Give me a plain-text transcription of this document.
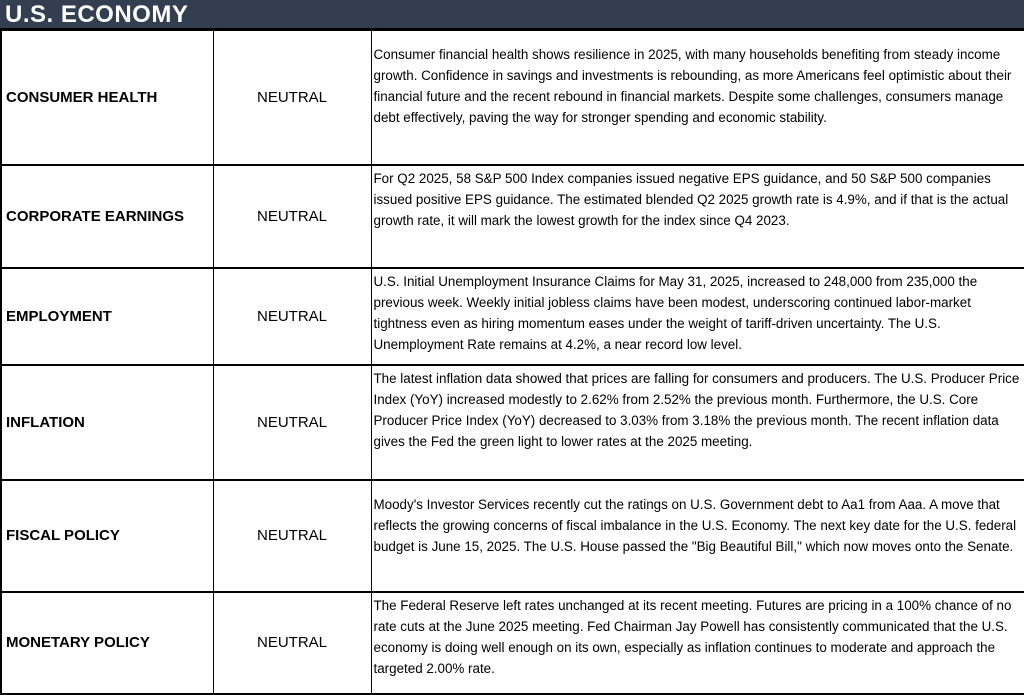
U.S. ECONOMY
CONSUMER HEALTH	NEUTRAL	Consumer financial health shows resilience in 2025, with many households benefiting from steady income growth. Confidence in savings and investments is rebounding, as more Americans feel optimistic about their financial future and the recent rebound in financial markets. Despite some challenges, consumers manage debt effectively, paving the way for stronger spending and economic stability.

CORPORATE EARNINGS	NEUTRAL	For Q2 2025, 58 S&P 500 Index companies issued negative EPS guidance, and 50 S&P 500 companies issued positive EPS guidance. The estimated blended Q2 2025 growth rate is 4.9%, and if that is the actual growth rate, it will mark the lowest growth for the index since Q4 2023.

EMPLOYMENT	NEUTRAL	U.S. Initial Unemployment Insurance Claims for May 31, 2025, increased to 248,000 from 235,000 the previous week. Weekly initial jobless claims have been modest, underscoring continued labor-market tightness even as hiring momentum eases under the weight of tariff-driven uncertainty. The U.S. Unemployment Rate remains at 4.2%, a near record low level.

INFLATION	NEUTRAL	The latest inflation data showed that prices are falling for consumers and producers. The U.S. Producer Price Index (YoY) increased modestly to 2.62% from 2.52% the previous month. Furthermore, the U.S. Core Producer Price Index (YoY) decreased to 3.03% from 3.18% the previous month. The recent inflation data gives the Fed the green light to lower rates at the 2025 meeting.

FISCAL POLICY	NEUTRAL	Moody's Investor Services recently cut the ratings on U.S. Government debt to Aa1 from Aaa. A move that reflects the growing concerns of fiscal imbalance in the U.S. Economy. The next key date for the U.S. federal budget is June 15, 2025. The U.S. House passed the "Big Beautiful Bill," which now moves onto the Senate.

MONETARY POLICY	NEUTRAL	The Federal Reserve left rates unchanged at its recent meeting. Futures are pricing in a 100% chance of no rate cuts at the June 2025 meeting. Fed Chairman Jay Powell has consistently communicated that the U.S. economy is doing well enough on its own, especially as inflation continues to moderate and approach the targeted 2.00% rate.
